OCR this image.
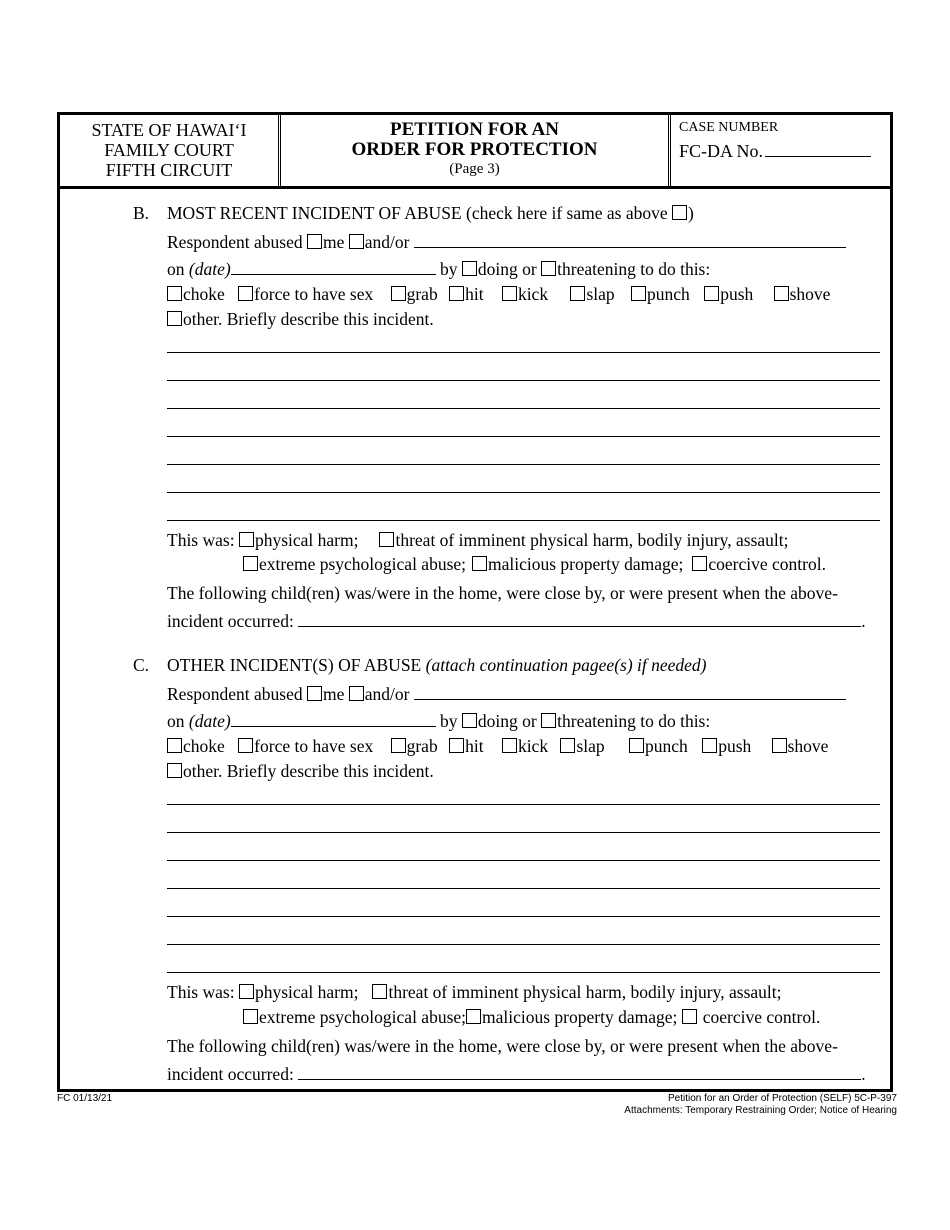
STATE OF HAWAI‘I
FAMILY COURT
FIFTH CIRCUIT
PETITION FOR AN
ORDER FOR PROTECTION
(Page 3)
CASE NUMBER
FC-DA No.
B. MOST RECENT INCIDENT OF ABUSE (check here if same as above )
Respondent abused me and/or
on (date)	by doing or threatening to do this:
choke force to have sex grab hit kick slap punch push shove
other. Briefly describe this incident.
This was: physical harm; threat of imminent physical harm, bodily injury, assault;
extreme psychological abuse; malicious property damage; coercive control.
The following child(ren) was/were in the home, were close by, or were present when the above-
incident occurred:	.
C. OTHER INCIDENT(S) OF ABUSE (attach continuation pagee(s) if needed)
Respondent abused me and/or
on (date)	by doing or threatening to do this:
choke force to have sex grab hit kick slap punch push shove
other. Briefly describe this incident.
This was: physical harm; threat of imminent physical harm, bodily injury, assault;
extreme psychological abuse; malicious property damage; coercive control.
The following child(ren) was/were in the home, were close by, or were present when the above-
incident occurred:	.
FC 01/13/21	Petition for an Order of Protection (SELF) 5C-P-397
Attachments: Temporary Restraining Order; Notice of Hearing
